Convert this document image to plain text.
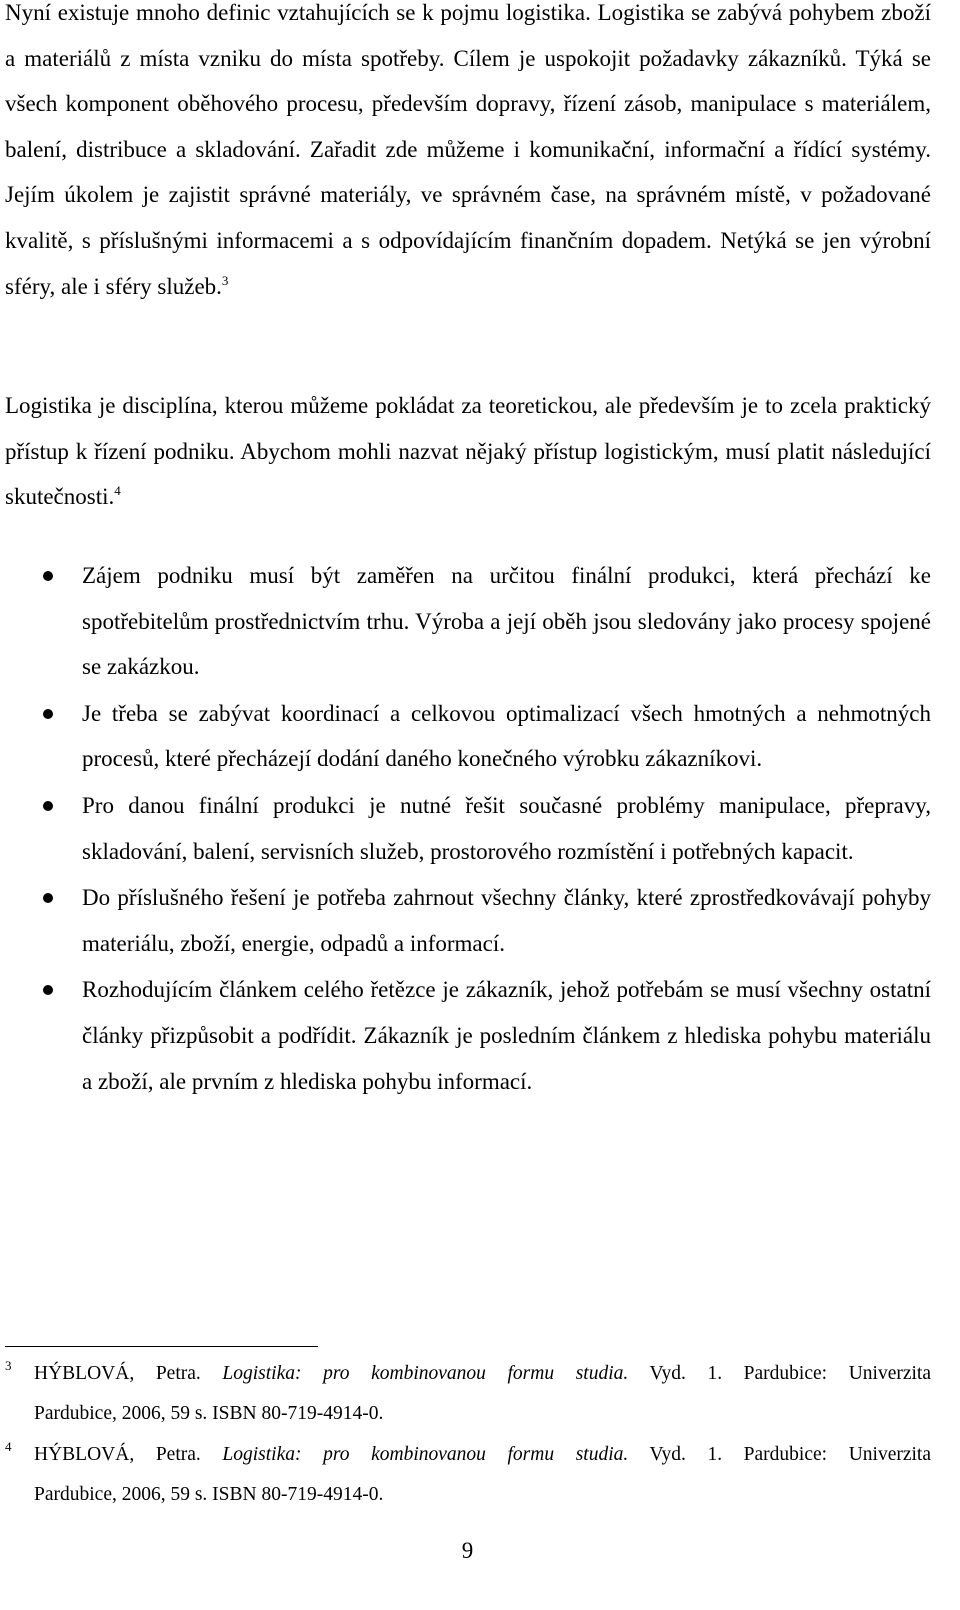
Nyní existuje mnoho definic vztahujících se k pojmu logistika. Logistika se zabývá pohybem zboží a materiálů z místa vzniku do místa spotřeby. Cílem je uspokojit požadavky zákazníků. Týká se všech komponent oběhového procesu, především dopravy, řízení zásob, manipulace s materiálem, balení, distribuce a skladování. Zařadit zde můžeme i komunikační, informační a řídící systémy. Jejím úkolem je zajistit správné materiály, ve správném čase, na správném místě, v požadované kvalitě, s příslušnými informacemi a s odpovídajícím finančním dopadem. Netýká se jen výrobní sféry, ale i sféry služeb.$^3$

Logistika je disciplína, kterou můžeme pokládat za teoretickou, ale především je to zcela praktický přístup k řízení podniku. Abychom mohli nazvat nějaký přístup logistickým, musí platit následující skutečnosti.$^4$

Zájem podniku musí být zaměřen na určitou finální produkci, která přechází ke spotřebitelům prostřednictvím trhu. Výroba a její oběh jsou sledovány jako procesy spojené se zakázkou.
Je třeba se zabývat koordinací a celkovou optimalizací všech hmotných a nehmotných procesů, které přecházejí dodání daného konečného výrobku zákazníkovi.
Pro danou finální produkci je nutné řešit současné problémy manipulace, přepravy, skladování, balení, servisních služeb, prostorového rozmístění i potřebných kapacit.
Do příslušného řešení je potřeba zahrnout všechny články, které zprostředkovávají pohyby materiálu, zboží, energie, odpadů a informací.
Rozhodujícím článkem celého řetězce je zákazník, jehož potřebám se musí všechny ostatní články přizpůsobit a podřídit. Zákazník je posledním článkem z hlediska pohybu materiálu a zboží, ale prvním z hlediska pohybu informací.
3 HÝBLOVÁ, Petra. Logistika: pro kombinovanou formu studia. Vyd. 1. Pardubice: Univerzita
Pardubice, 2006, 59 s. ISBN 80-719-4914-0.
4 HÝBLOVÁ, Petra. Logistika: pro kombinovanou formu studia. Vyd. 1. Pardubice: Univerzita
Pardubice, 2006, 59 s. ISBN 80-719-4914-0.
9
